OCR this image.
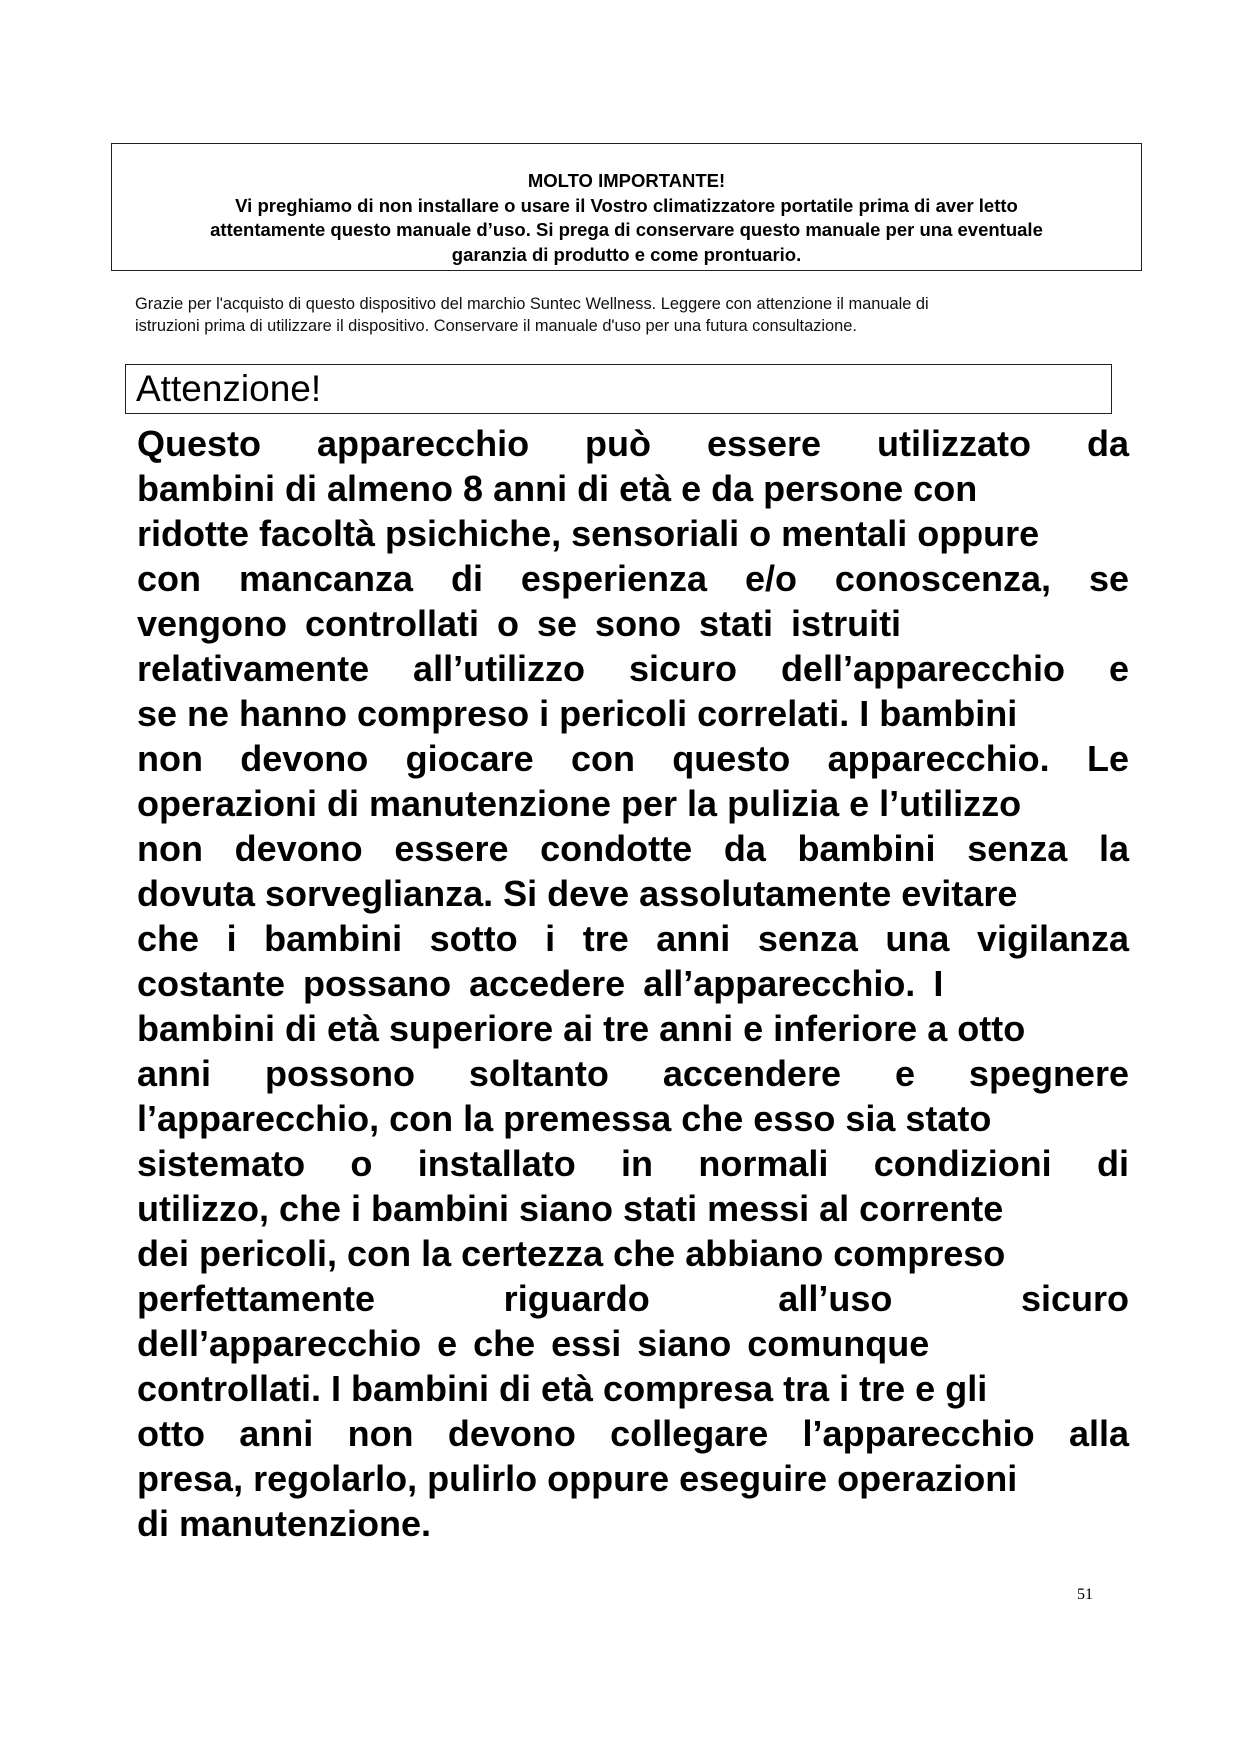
MOLTO IMPORTANTE!
Vi preghiamo di non installare o usare il Vostro climatizzatore portatile prima di aver letto
attentamente questo manuale d’uso. Si prega di conservare questo manuale per una eventuale
garanzia di produtto e come prontuario.
Grazie per l'acquisto di questo dispositivo del marchio Suntec Wellness. Leggere con attenzione il manuale di
istruzioni prima di utilizzare il dispositivo. Conservare il manuale d'uso per una futura consultazione.
Attenzione!
Questo apparecchio può essere utilizzato da
bambini di almeno 8 anni di età e da persone con
ridotte facoltà psichiche, sensoriali o mentali oppure
con mancanza di esperienza e/o conoscenza, se
vengono controllati o se sono stati istruiti
relativamente all’utilizzo sicuro dell’apparecchio e
se ne hanno compreso i pericoli correlati. I bambini
non devono giocare con questo apparecchio. Le
operazioni di manutenzione per la pulizia e l’utilizzo
non devono essere condotte da bambini senza la
dovuta sorveglianza. Si deve assolutamente evitare
che i bambini sotto i tre anni senza una vigilanza
costante possano accedere all’apparecchio. I
bambini di età superiore ai tre anni e inferiore a otto
anni possono soltanto accendere e spegnere
l’apparecchio, con la premessa che esso sia stato
sistemato o installato in normali condizioni di
utilizzo, che i bambini siano stati messi al corrente
dei pericoli, con la certezza che abbiano compreso
perfettamente riguardo all’uso sicuro
dell’apparecchio e che essi siano comunque
controllati. I bambini di età compresa tra i tre e gli
otto anni non devono collegare l’apparecchio alla
presa, regolarlo, pulirlo oppure eseguire operazioni
di manutenzione.
51
